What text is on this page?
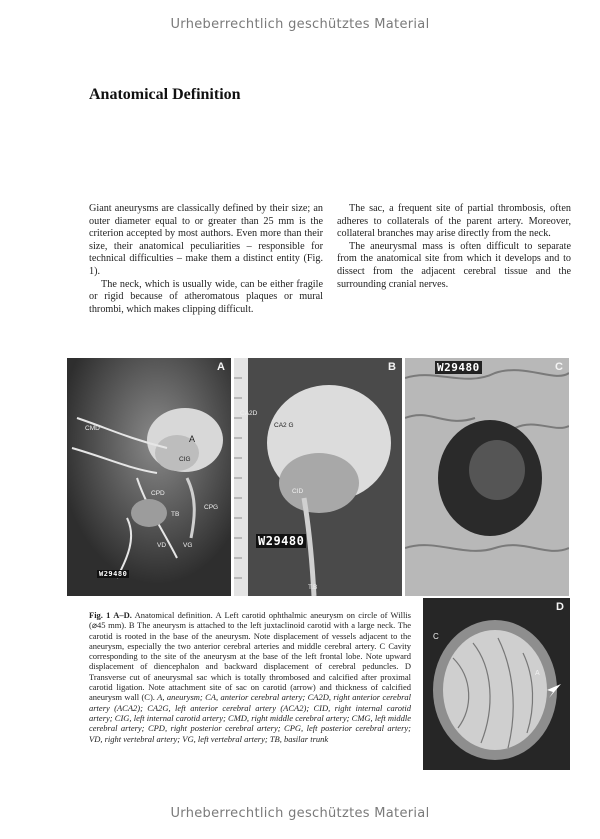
Urheberrechtlich geschütztes Material
Anatomical Definition

Giant aneurysms are classically defined by their size; an outer diameter equal to or greater than 25 mm is the criterion accepted by most authors. Even more than their size, their anatomical peculiarities – responsible for technical difficulties – make them a distinct entity (Fig. 1).

The neck, which is usually wide, can be either fragile or rigid because of atheromatous plaques or mural thrombi, which makes clipping difficult.

The sac, a frequent site of partial thrombosis, often adheres to collaterals of the parent artery. Moreover, collateral branches may arise directly from the neck.

The aneurysmal mass is often difficult to separate from the anatomical site from which it develops and to dissect from the adjacent cerebral tissue and the surrounding cranial nerves.

A
CMD
A
CIG
CPD
CPG
TB
VD	VG
W29480
B
CA2D
CA2 G
CID
W29480
T.B
W29480	C
D
C
A
Fig. 1 A–D. Anatomical definition. A Left carotid ophthalmic aneurysm on circle of Willis (⌀45 mm). B The aneurysm is attached to the left juxtaclinoid carotid with a large neck. The carotid is rooted in the base of the aneurysm. Note displacement of vessels adjacent to the aneurysm, especially the two anterior cerebral arteries and middle cerebral artery. C Cavity corresponding to the site of the aneurysm at the base of the left frontal lobe. Note upward displacement of diencephalon and backward displacement of cerebral peduncles. D Transverse cut of aneurysmal sac which is totally thrombosed and calcified after proximal carotid ligation. Note attachment site of sac on carotid (arrow) and thickness of calcified aneurysm wall (C). A, aneurysm; CA, anterior cerebral artery; CA2D, right anterior cerebral artery (ACA2); CA2G, left anterior cerebral artery (ACA2); CID, right internal carotid artery; CIG, left internal carotid artery; CMD, right middle cerebral artery; CMG, left middle cerebral artery; CPD, right posterior cerebral artery; CPG, left posterior cerebral artery; VD, right vertebral artery; VG, left vertebral artery; TB, basilar trunk
Urheberrechtlich geschütztes Material
